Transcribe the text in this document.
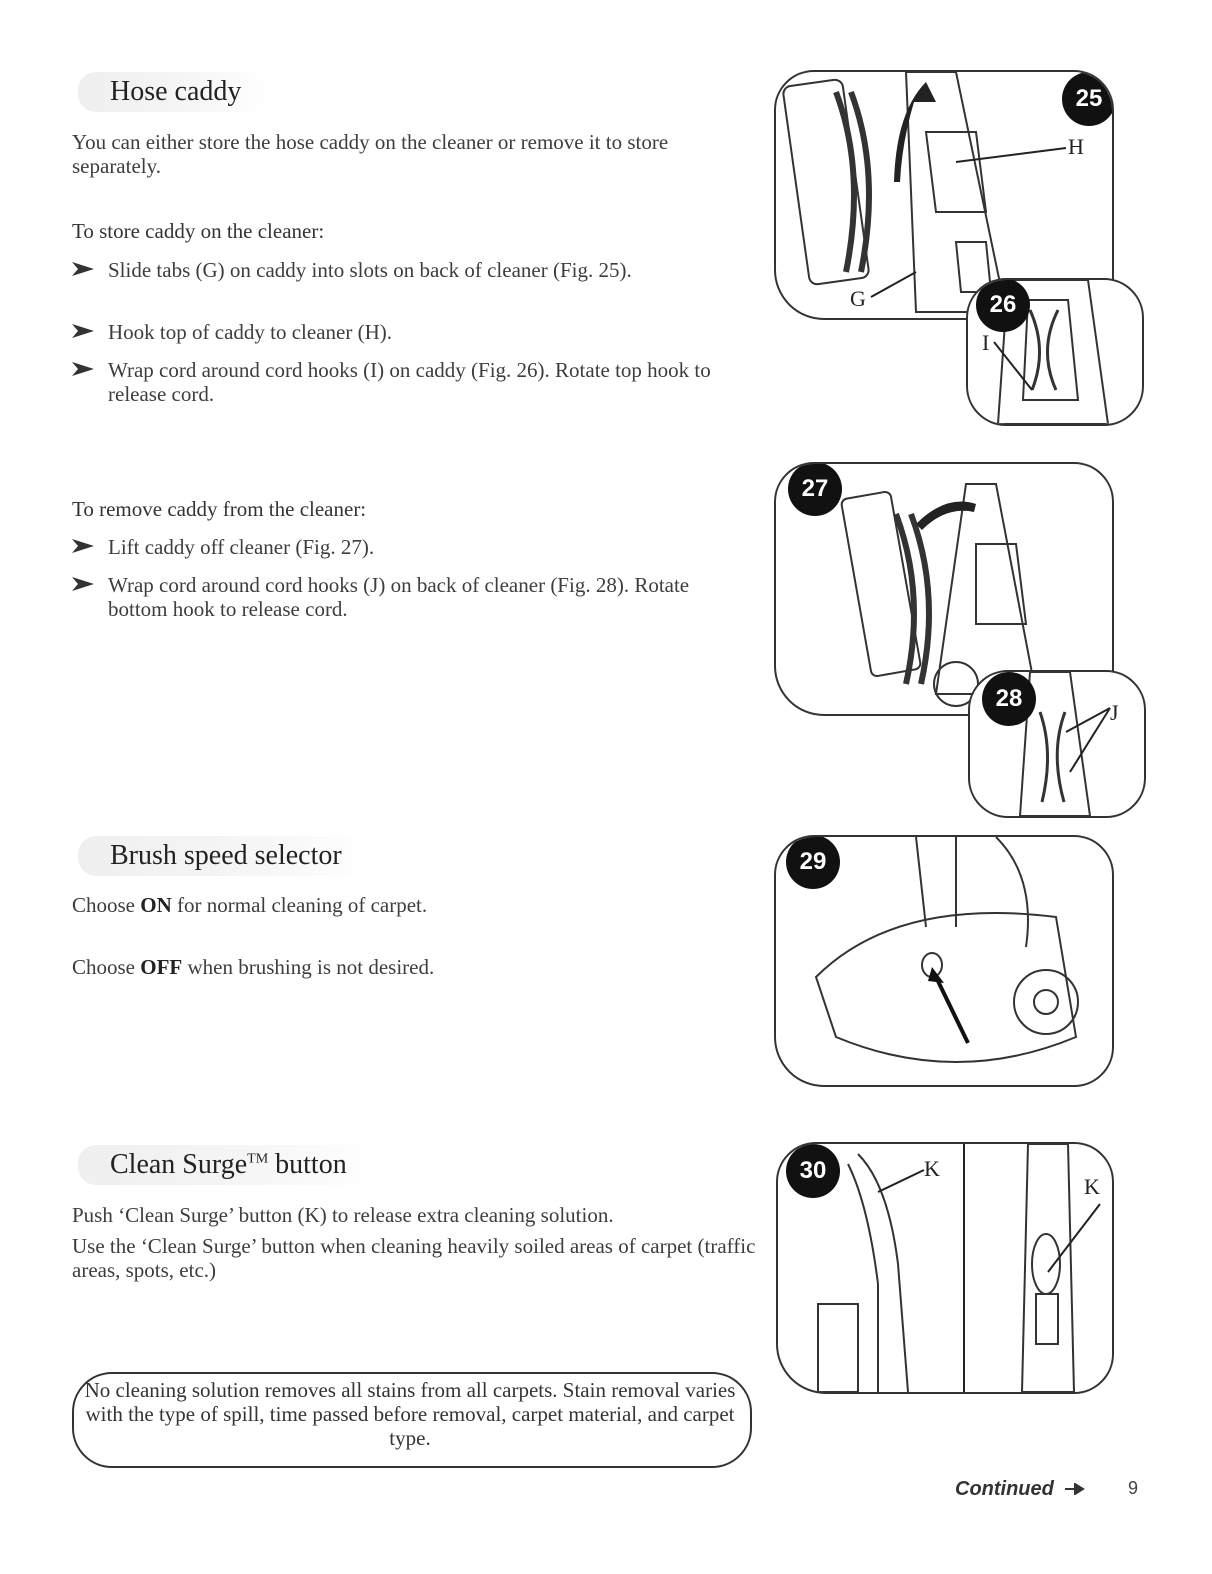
Hose caddy
You can either store the hose caddy on the cleaner or remove it to store separately.
To store caddy on the cleaner:
Slide tabs (G) on caddy into slots on back of cleaner (Fig. 25).
Hook top of caddy to cleaner (H).
Wrap cord around cord hooks (I) on caddy (Fig. 26). Rotate top hook to release cord.
To remove caddy from the cleaner:
Lift caddy off cleaner (Fig. 27).
Wrap cord around cord hooks (J) on back of cleaner (Fig. 28). Rotate bottom hook to release cord.
Brush speed selector
Choose ON for normal cleaning of carpet.
Choose OFF when brushing is not desired.
Clean Surge™ button
Push ‘Clean Surge’ button (K) to release extra cleaning solution.
Use the ‘Clean Surge’ button when cleaning heavily soiled areas of carpet (traffic areas, spots, etc.)
No cleaning solution removes all stains from all carpets. Stain removal varies with the type of spill, time passed before removal, carpet material, and carpet type.
25
H
G	26
I
27
28
J
29
30	K
K
Continued	9
